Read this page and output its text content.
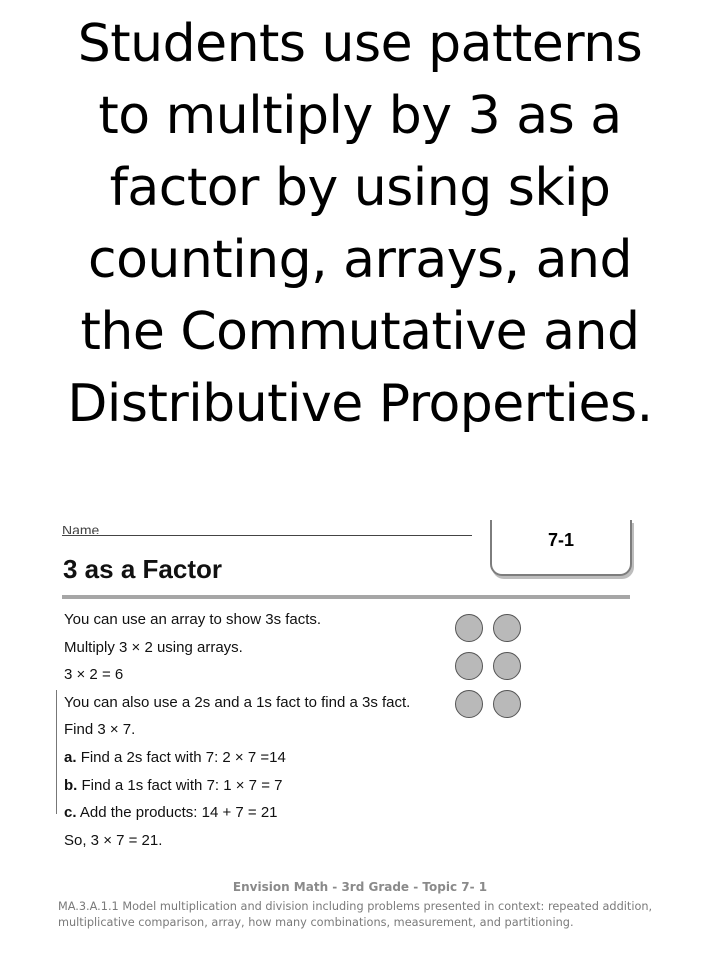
Students use patterns
to multiply by 3 as a
factor by using skip
counting, arrays, and
the Commutative and
Distributive Properties.
Name	7-1
3 as a Factor
You can use an array to show 3s facts.
Multiply 3 × 2 using arrays.
3 × 2 = 6
You can also use a 2s and a 1s fact to find a 3s fact.
Find 3 × 7.
a. Find a 2s fact with 7: 2 × 7 =14
b. Find a 1s fact with 7: 1 × 7 = 7
c. Add the products: 14 + 7 = 21
So, 3 × 7 = 21.
Envision Math - 3rd Grade - Topic 7- 1
MA.3.A.1.1 Model multiplication and division including problems presented in context: repeated addition, multiplicative comparison, array, how many combinations, measurement, and partitioning.
